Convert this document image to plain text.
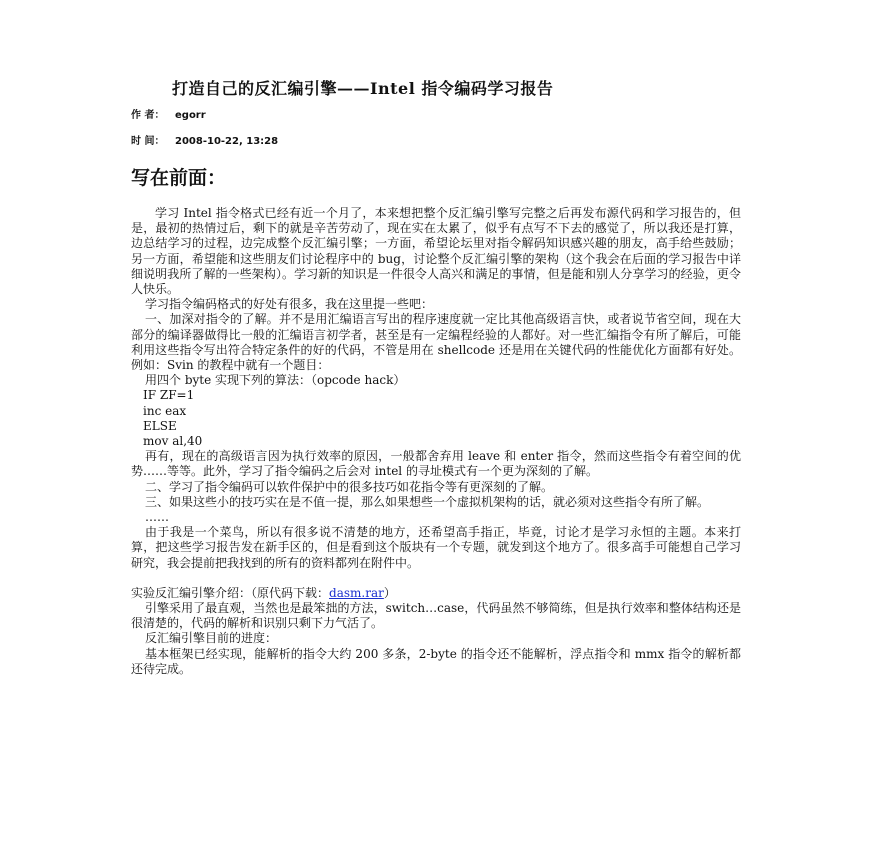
打造自己的反汇编引擎——Intel 指令编码学习报告
作 者： egorr
时 间： 2008-10-22, 13:28
写在前面：

学习 Intel 指令格式已经有近一个月了，本来想把整个反汇编引擎写完整之后再发布源代码和学习报告的，但是，最初的热情过后，剩下的就是辛苦劳动了，现在实在太累了，似乎有点写不下去的感觉了，所以我还是打算，边总结学习的过程，边完成整个反汇编引擎；一方面，希望论坛里对指令解码知识感兴趣的朋友，高手给些鼓励；另一方面，希望能和这些朋友们讨论程序中的 bug，讨论整个反汇编引擎的架构（这个我会在后面的学习报告中详细说明我所了解的一些架构）。学习新的知识是一件很令人高兴和满足的事情，但是能和别人分享学习的经验，更令人快乐。

学习指令编码格式的好处有很多，我在这里提一些吧：

一、加深对指令的了解。并不是用汇编语言写出的程序速度就一定比其他高级语言快，或者说节省空间，现在大部分的编译器做得比一般的汇编语言初学者，甚至是有一定编程经验的人都好。对一些汇编指令有所了解后，可能利用这些指令写出符合特定条件的好的代码，不管是用在 shellcode 还是用在关键代码的性能优化方面都有好处。例如：Svin 的教程中就有一个题目：

用四个 byte 实现下列的算法：（opcode hack）

IF ZF=1

inc eax

ELSE

mov al,40

再有，现在的高级语言因为执行效率的原因，一般都舍弃用 leave 和 enter 指令，然而这些指令有着空间的优势……等等。此外，学习了指令编码之后会对 intel 的寻址模式有一个更为深刻的了解。

二、学习了指令编码可以软件保护中的很多技巧如花指令等有更深刻的了解。

三、如果这些小的技巧实在是不值一提，那么如果想些一个虚拟机架构的话，就必须对这些指令有所了解。

……

由于我是一个菜鸟，所以有很多说不清楚的地方，还希望高手指正，毕竟，讨论才是学习永恒的主题。本来打算，把这些学习报告发在新手区的，但是看到这个版块有一个专题，就发到这个地方了。很多高手可能想自己学习研究，我会提前把我找到的所有的资料都列在附件中。

实验反汇编引擎介绍：（原代码下载：dasm.rar）

引擎采用了最直观，当然也是最笨拙的方法，switch…case，代码虽然不够简练，但是执行效率和整体结构还是很清楚的，代码的解析和识别只剩下力气活了。

反汇编引擎目前的进度：

基本框架已经实现，能解析的指令大约 200 多条，2-byte 的指令还不能解析，浮点指令和 mmx 指令的解析都还待完成。
